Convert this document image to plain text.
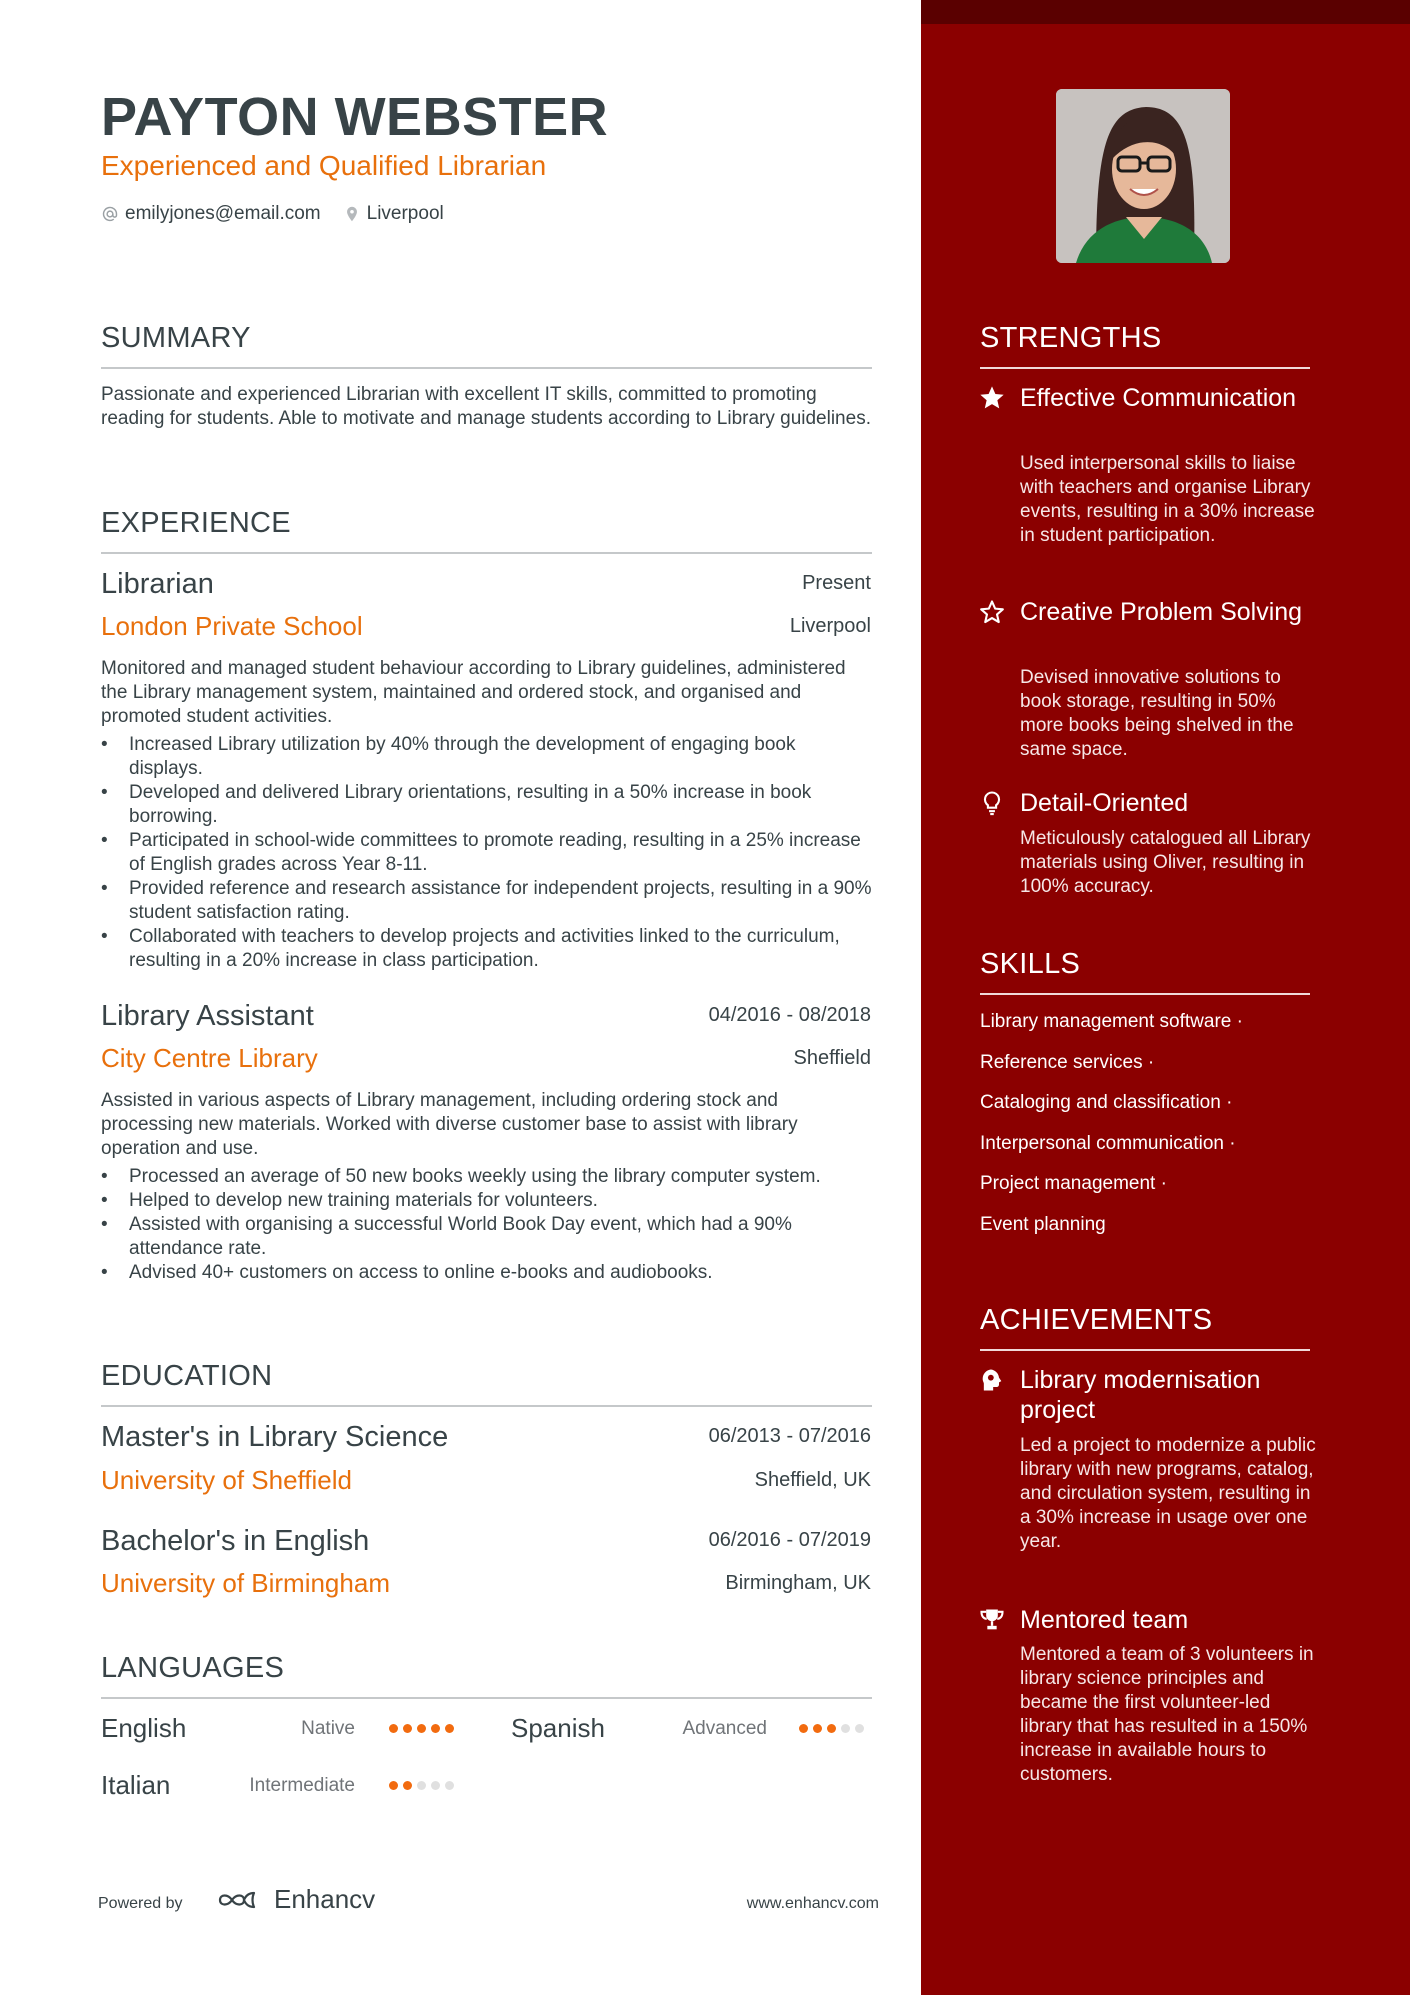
PAYTON WEBSTER
Experienced and Qualified Librarian
emilyjones@email.com Liverpool
SUMMARY
Passionate and experienced Librarian with excellent IT skills, committed to promoting reading for students. Able to motivate and manage students according to Library guidelines.
EXPERIENCE
Librarian	Present
London Private School	Liverpool
Monitored and managed student behaviour according to Library guidelines, administered the Library management system, maintained and ordered stock, and organised and promoted student activities.
• Increased Library utilization by 40% through the development of engaging book displays.
• Developed and delivered Library orientations, resulting in a 50% increase in book borrowing.
• Participated in school-wide committees to promote reading, resulting in a 25% increase of English grades across Year 8-11.
• Provided reference and research assistance for independent projects, resulting in a 90% student satisfaction rating.
• Collaborated with teachers to develop projects and activities linked to the curriculum, resulting in a 20% increase in class participation.
Library Assistant	04/2016 - 08/2018
City Centre Library	Sheffield
Assisted in various aspects of Library management, including ordering stock and processing new materials. Worked with diverse customer base to assist with library operation and use.
• Processed an average of 50 new books weekly using the library computer system.
• Helped to develop new training materials for volunteers.
• Assisted with organising a successful World Book Day event, which had a 90% attendance rate.
• Advised 40+ customers on access to online e-books and audiobooks.
EDUCATION
Master's in Library Science	06/2013 - 07/2016
University of Sheffield	Sheffield, UK
Bachelor's in English	06/2016 - 07/2019
University of Birmingham	Birmingham, UK
LANGUAGES
English	Native	Spanish	Advanced
Italian	Intermediate
Powered by	Enhancv	www.enhancv.com
STRENGTHS
Effective Communication
Used interpersonal skills to liaise with teachers and organise Library events, resulting in a 30% increase in student participation.
Creative Problem Solving
Devised innovative solutions to book storage, resulting in 50% more books being shelved in the same space.
Detail-Oriented
Meticulously catalogued all Library materials using Oliver, resulting in 100% accuracy.
SKILLS
Library management software ·
Reference services ·
Cataloging and classification ·
Interpersonal communication ·
Project management ·
Event planning
ACHIEVEMENTS
Library modernisation project
Led a project to modernize a public library with new programs, catalog, and circulation system, resulting in a 30% increase in usage over one year.
Mentored team
Mentored a team of 3 volunteers in library science principles and became the first volunteer-led library that has resulted in a 150% increase in available hours to customers.
